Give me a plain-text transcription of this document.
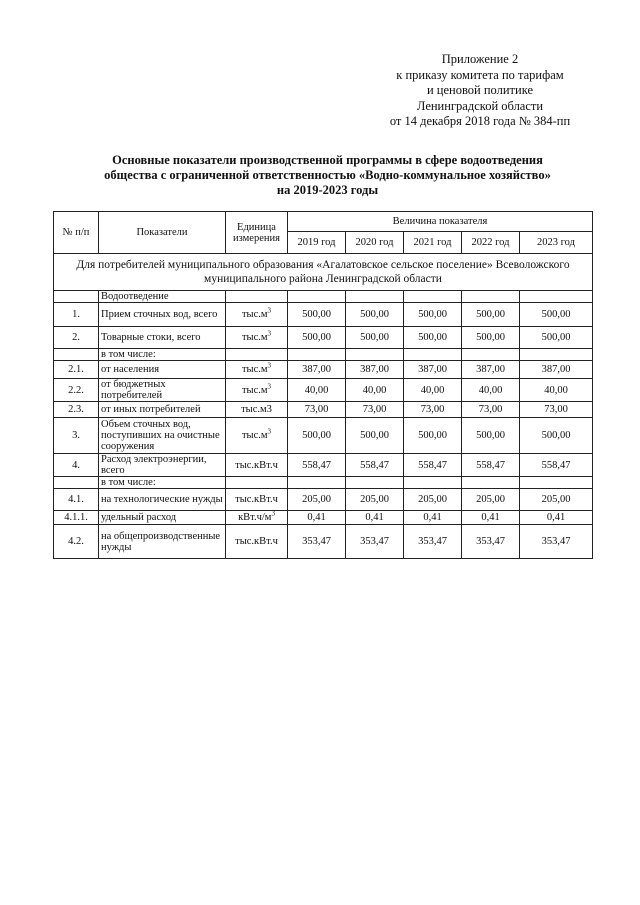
Приложение 2
к приказу комитета по тарифам
и ценовой политике
Ленинградской области
от 14 декабря 2018 года № 384-пп
Основные показатели производственной программы в сфере водоотведения
общества с ограниченной ответственностью «Водно-коммунальное хозяйство»
на 2019-2023 годы
№ п/п	Показатели	Единица измерения	Величина показателя				
			2019 год	2020 год	2021 год	2022 год	2023 год
Для потребителей муниципального образования «Агалатовское сельское поселение» Всеволожского муниципального района Ленинградской области							
	Водоотведение						
1.	Прием сточных вод, всего	$тыс.м^3$	500,00	500,00	500,00	500,00	500,00
2.	Товарные стоки, всего	$тыс.м^3$	500,00	500,00	500,00	500,00	500,00
	в том числе:						
2.1.	от населения	$тыс.м^3$	387,00	387,00	387,00	387,00	387,00
2.2.	от бюджетных потребителей	$тыс.м^3$	40,00	40,00	40,00	40,00	40,00
2.3.	от иных потребителей	тыс.м3	73,00	73,00	73,00	73,00	73,00
3.	Объем сточных вод, поступивших на очистные сооружения	$тыс.м^3$	500,00	500,00	500,00	500,00	500,00
4.	Расход электроэнергии, всего	тыс.кВт.ч	558,47	558,47	558,47	558,47	558,47
	в том числе:						
4.1.	на технологические нужды	тыс.кВт.ч	205,00	205,00	205,00	205,00	205,00
4.1.1.	удельный расход	$кВт.ч/м^3$	0,41	0,41	0,41	0,41	0,41
4.2.	на общепроизводственные нужды	тыс.кВт.ч	353,47	353,47	353,47	353,47	353,47
